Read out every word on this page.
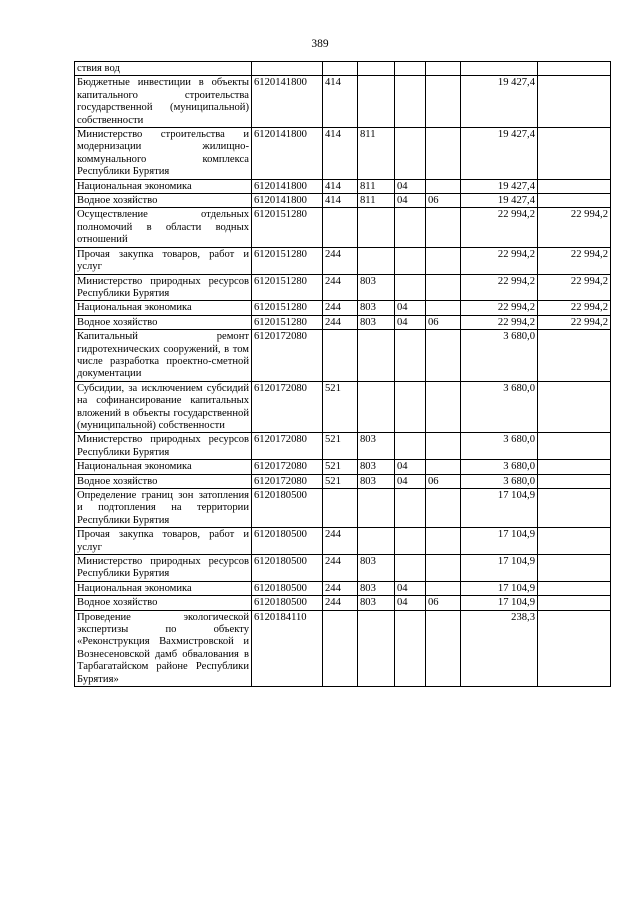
389
ствия вод							
Бюджетные инвестиции в объекты капитального строительства государственной (муниципальной) собственности	6120141800	414				19 427,4	
Министерство строительства и модернизации жилищно-коммунального комплекса Республики Бурятия	6120141800	414	811			19 427,4	
Национальная экономика	6120141800	414	811	04		19 427,4	
Водное хозяйство	6120141800	414	811	04	06	19 427,4	
Осуществление отдельных полномочий в области водных отношений	6120151280					22 994,2	22 994,2
Прочая закупка товаров, работ и услуг	6120151280	244				22 994,2	22 994,2
Министерство природных ресурсов Республики Бурятия	6120151280	244	803			22 994,2	22 994,2
Национальная экономика	6120151280	244	803	04		22 994,2	22 994,2
Водное хозяйство	6120151280	244	803	04	06	22 994,2	22 994,2
Капитальный ремонт гидротехнических сооружений, в том числе разработка проектно-сметной документации	6120172080					3 680,0	
Субсидии, за исключением субсидий на софинансирование капитальных вложений в объекты государственной (муниципальной) собственности	6120172080	521				3 680,0	
Министерство природных ресурсов Республики Бурятия	6120172080	521	803			3 680,0	
Национальная экономика	6120172080	521	803	04		3 680,0	
Водное хозяйство	6120172080	521	803	04	06	3 680,0	
Определение границ зон затопления и подтопления на территории Республики Бурятия	6120180500					17 104,9	
Прочая закупка товаров, работ и услуг	6120180500	244				17 104,9	
Министерство природных ресурсов Республики Бурятия	6120180500	244	803			17 104,9	
Национальная экономика	6120180500	244	803	04		17 104,9	
Водное хозяйство	6120180500	244	803	04	06	17 104,9	
Проведение экологической экспертизы по объекту «Реконструкция Вахмистровской и Вознесеновской дамб обвалования в Тарбагатайском районе Республики Бурятия»	6120184110					238,3	
